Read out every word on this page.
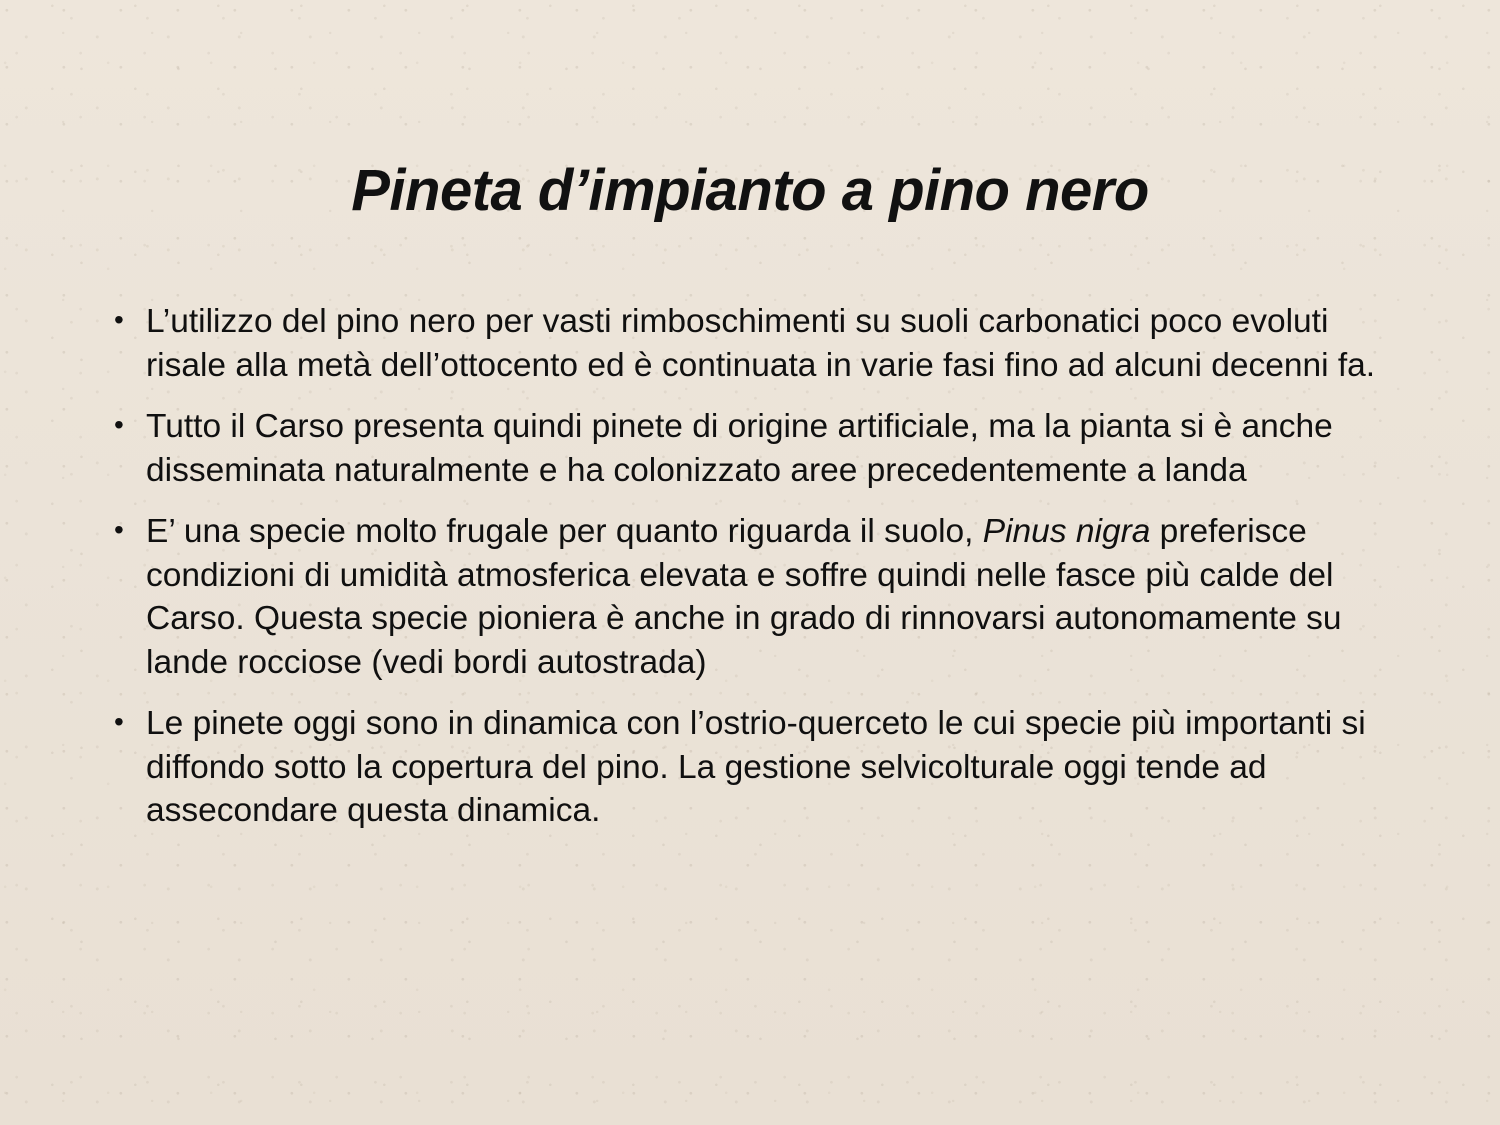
Pineta d’impianto a pino nero
• L’utilizzo del pino nero per vasti rimboschimenti su suoli carbonatici poco evoluti risale alla metà dell’ottocento ed è continuata in varie fasi fino ad alcuni decenni fa.
• Tutto il Carso presenta quindi pinete di origine artificiale, ma la pianta si è anche disseminata naturalmente e ha colonizzato aree precedentemente a landa
• E’ una specie molto frugale per quanto riguarda il suolo, Pinus nigra preferisce condizioni di umidità atmosferica elevata e soffre quindi nelle fasce più calde del Carso. Questa specie pioniera è anche in grado di rinnovarsi autonomamente su lande rocciose (vedi bordi autostrada)
• Le pinete oggi sono in dinamica con l’ostrio-querceto le cui specie più importanti si diffondo sotto la copertura del pino. La gestione selvicolturale oggi tende ad assecondare questa dinamica.
